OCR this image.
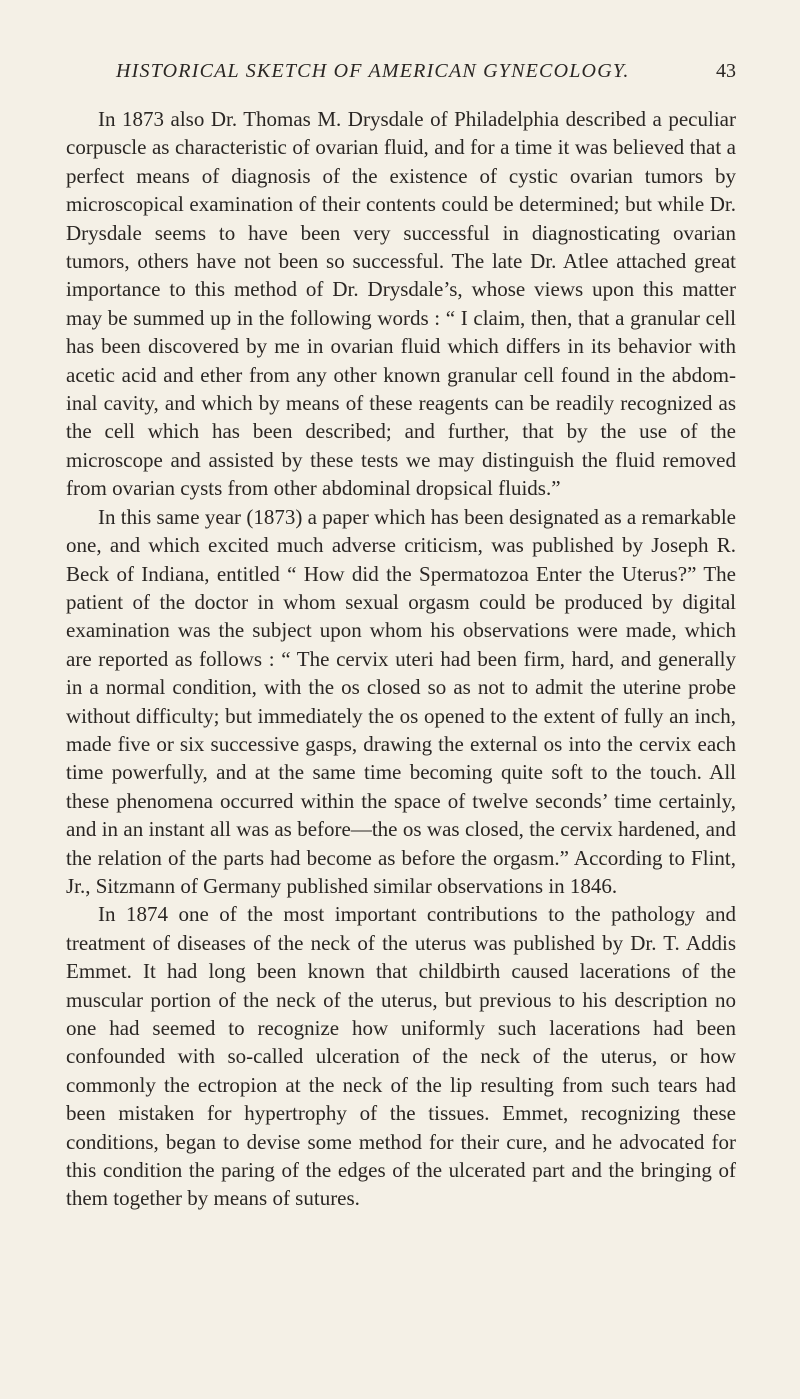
HISTORICAL SKETCH OF AMERICAN GYNECOLOGY.	43

In 1873 also Dr. Thomas M. Drysdale of Philadelphia described a peculiar corpuscle as characteristic of ovarian fluid, and for a time it was believed that a perfect means of diagnosis of the existence of cystic ovarian tumors by microscopical examination of their contents could be determined; but while Dr. Drysdale seems to have been very successful in diagnosticating ovarian tumors, others have not been so successful. The late Dr. Atlee attached great importance to this method of Dr. Drysdale’s, whose views upon this matter may be summed up in the following words : “ I claim, then, that a granular cell has been discovered by me in ovarian fluid which differs in its behavior with acetic acid and ether from any other known granular cell found in the abdominal cavity, and which by means of these reagents can be readily recognized as the cell which has been described; and further, that by the use of the microscope and assisted by these tests we may distinguish the fluid removed from ovarian cysts from other abdominal dropsical fluids.”

In this same year (1873) a paper which has been designated as a remarkable one, and which excited much adverse criticism, was published by Joseph R. Beck of Indiana, entitled “ How did the Spermatozoa Enter the Uterus?” The patient of the doctor in whom sexual orgasm could be produced by digital examination was the subject upon whom his observations were made, which are reported as follows : “ The cervix uteri had been firm, hard, and generally in a normal condition, with the os closed so as not to admit the uterine probe without difficulty; but immediately the os opened to the extent of fully an inch, made five or six successive gasps, drawing the external os into the cervix each time powerfully, and at the same time becoming quite soft to the touch. All these phenomena occurred within the space of twelve seconds’ time certainly, and in an instant all was as before—the os was closed, the cervix hardened, and the relation of the parts had become as before the orgasm.” According to Flint, Jr., Sitzmann of Germany published similar observations in 1846.

In 1874 one of the most important contributions to the pathology and treatment of diseases of the neck of the uterus was published by Dr. T. Addis Emmet. It had long been known that childbirth caused lacerations of the muscular portion of the neck of the uterus, but previous to his description no one had seemed to recognize how uniformly such lacerations had been confounded with so-called ulceration of the neck of the uterus, or how commonly the ectropion at the neck of the lip resulting from such tears had been mistaken for hypertrophy of the tissues. Emmet, recognizing these conditions, began to devise some method for their cure, and he advocated for this condition the paring of the edges of the ulcerated part and the bringing of them together by means of sutures.
